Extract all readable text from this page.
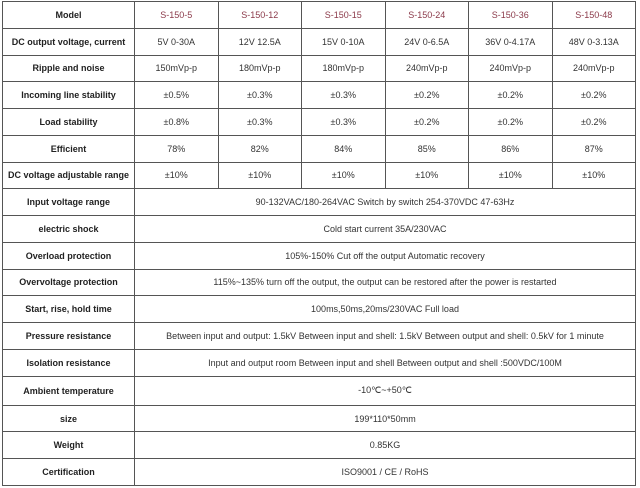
Model	S-150-5	S-150-12	S-150-15	S-150-24	S-150-36	S-150-48
DC output voltage, current	5V 0-30A	12V 12.5A	15V 0-10A	24V 0-6.5A	36V 0-4.17A	48V 0-3.13A
Ripple and noise	150mVp-p	180mVp-p	180mVp-p	240mVp-p	240mVp-p	240mVp-p
Incoming line stability	±0.5%	±0.3%	±0.3%	±0.2%	±0.2%	±0.2%
Load stability	±0.8%	±0.3%	±0.3%	±0.2%	±0.2%	±0.2%
Efficient	78%	82%	84%	85%	86%	87%
DC voltage adjustable range	±10%	±10%	±10%	±10%	±10%	±10%
Input voltage range	90-132VAC/180-264VAC Switch by switch 254-370VDC 47-63Hz					
electric shock	Cold start current 35A/230VAC					
Overload protection	105%-150% Cut off the output Automatic recovery					
Overvoltage protection	115%~135% turn off the output, the output can be restored after the power is restarted					
Start, rise, hold time	100ms,50ms,20ms/230VAC Full load					
Pressure resistance	Between input and output: 1.5kV Between input and shell: 1.5kV Between output and shell: 0.5kV for 1 minute					
Isolation resistance	Input and output room Between input and shell Between output and shell :500VDC/100M					
Ambient temperature	-10℃~+50℃					
size	199*110*50mm					
Weight	0.85KG					
Certification	ISO9001 / CE / RoHS					
